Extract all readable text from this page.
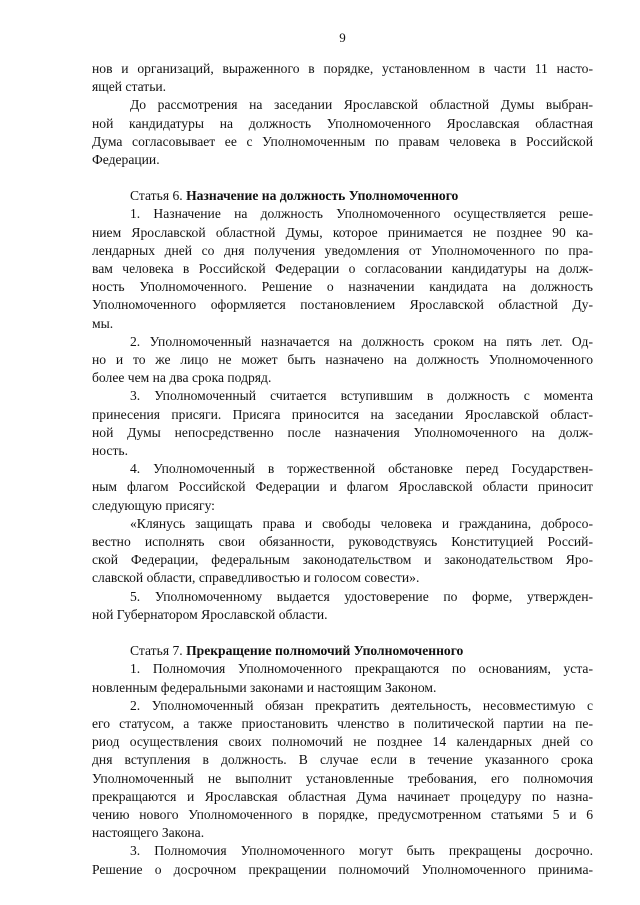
9
нов и организаций, выраженного в порядке, установленном в части 11 насто-
ящей статьи.
До рассмотрения на заседании Ярославской областной Думы выбран-
ной кандидатуры на должность Уполномоченного Ярославская областная
Дума согласовывает ее с Уполномоченным по правам человека в Российской
Федерации.
Статья 6. Назначение на должность Уполномоченного
1. Назначение на должность Уполномоченного осуществляется реше-
нием Ярославской областной Думы, которое принимается не позднее 90 ка-
лендарных дней со дня получения уведомления от Уполномоченного по пра-
вам человека в Российской Федерации о согласовании кандидатуры на долж-
ность Уполномоченного. Решение о назначении кандидата на должность
Уполномоченного оформляется постановлением Ярославской областной Ду-
мы.
2. Уполномоченный назначается на должность сроком на пять лет. Од-
но и то же лицо не может быть назначено на должность Уполномоченного
более чем на два срока подряд.
3. Уполномоченный считается вступившим в должность с момента
принесения присяги. Присяга приносится на заседании Ярославской област-
ной Думы непосредственно после назначения Уполномоченного на долж-
ность.
4. Уполномоченный в торжественной обстановке перед Государствен-
ным флагом Российской Федерации и флагом Ярославской области приносит
следующую присягу:
«Клянусь защищать права и свободы человека и гражданина, добросо-
вестно исполнять свои обязанности, руководствуясь Конституцией Россий-
ской Федерации, федеральным законодательством и законодательством Яро-
славской области, справедливостью и голосом совести».
5. Уполномоченному выдается удостоверение по форме, утвержден-
ной Губернатором Ярославской области.
Статья 7. Прекращение полномочий Уполномоченного
1. Полномочия Уполномоченного прекращаются по основаниям, уста-
новленным федеральными законами и настоящим Законом.
2. Уполномоченный обязан прекратить деятельность, несовместимую с
его статусом, а также приостановить членство в политической партии на пе-
риод осуществления своих полномочий не позднее 14 календарных дней со
дня вступления в должность. В случае если в течение указанного срока
Уполномоченный не выполнит установленные требования, его полномочия
прекращаются и Ярославская областная Дума начинает процедуру по назна-
чению нового Уполномоченного в порядке, предусмотренном статьями 5 и 6
настоящего Закона.
3. Полномочия Уполномоченного могут быть прекращены досрочно.
Решение о досрочном прекращении полномочий Уполномоченного принима-
